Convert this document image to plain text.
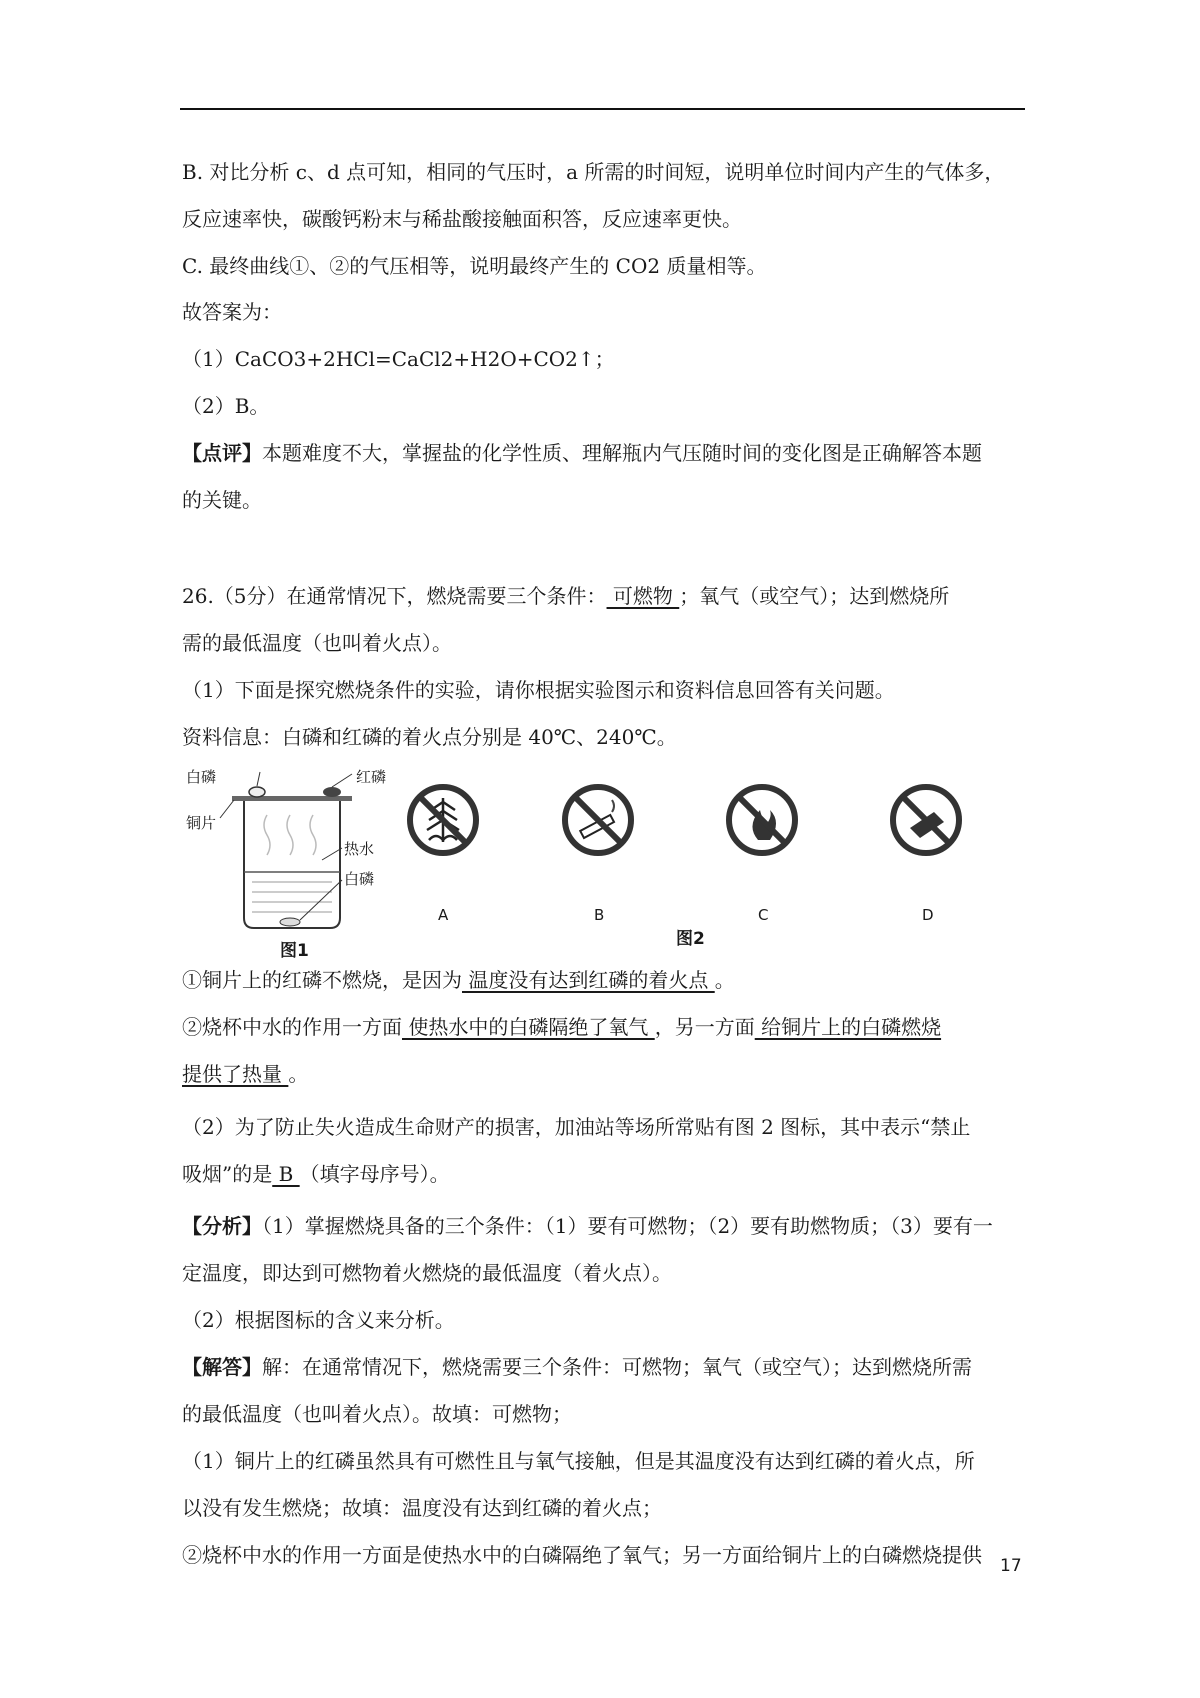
B. 对比分析 c、d 点可知，相同的气压时，a 所需的时间短，说明单位时间内产生的气体多，
反应速率快，碳酸钙粉末与稀盐酸接触面积答，反应速率更快。
C. 最终曲线①、②的气压相等，说明最终产生的 CO2 质量相等。
故答案为：
（1）CaCO3+2HCl=CaCl2+H2O+CO2↑；
（2）B。
【点评】本题难度不大，掌握盐的化学性质、理解瓶内气压随时间的变化图是正确解答本题
的关键。
26.（5分）在通常情况下，燃烧需要三个条件： 可燃物 ；氧气（或空气）；达到燃烧所
需的最低温度（也叫着火点）。
（1）下面是探究燃烧条件的实验，请你根据实验图示和资料信息回答有关问题。
资料信息：白磷和红磷的着火点分别是 40℃、240℃。
白磷	红磷
铜片
热水
白磷
图1
A	B	C	D
图2
①铜片上的红磷不燃烧，是因为 温度没有达到红磷的着火点 。
②烧杯中水的作用一方面 使热水中的白磷隔绝了氧气 ，另一方面 给铜片上的白磷燃烧
提供了热量 。
（2）为了防止失火造成生命财产的损害，加油站等场所常贴有图 2 图标，其中表示“禁止
吸烟”的是 B （填字母序号）。
【分析】（1）掌握燃烧具备的三个条件：（1）要有可燃物；（2）要有助燃物质；（3）要有一
定温度，即达到可燃物着火燃烧的最低温度（着火点）。
（2）根据图标的含义来分析。
【解答】解：在通常情况下，燃烧需要三个条件：可燃物；氧气（或空气）；达到燃烧所需
的最低温度（也叫着火点）。故填：可燃物；
（1）铜片上的红磷虽然具有可燃性且与氧气接触，但是其温度没有达到红磷的着火点，所
以没有发生燃烧；故填：温度没有达到红磷的着火点；
②烧杯中水的作用一方面是使热水中的白磷隔绝了氧气；另一方面给铜片上的白磷燃烧提供 17
